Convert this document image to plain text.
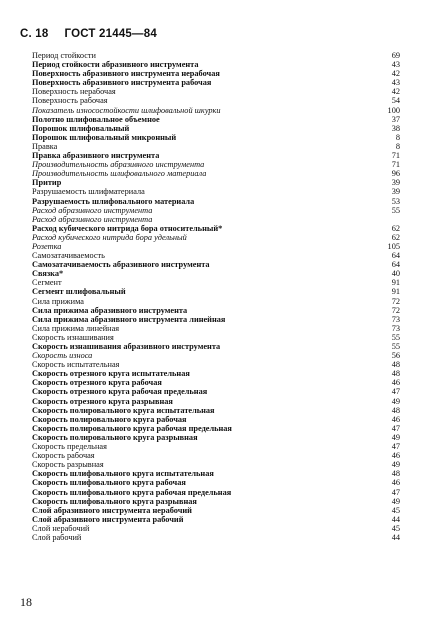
С. 18 ГОСТ 21445—84
Период стойкости	69
Период стойкости абразивного инструмента	43
Поверхность абразивного инструмента нерабочая	42
Поверхность абразивного инструмента рабочая	43
Поверхность нерабочая	42
Поверхность рабочая	54
Показатель износостойкости шлифовальной шкурки	100
Полотно шлифовальное объемное	37
Порошок шлифовальный	38
Порошок шлифовальный микронный	8
Правка	8
Правка абразивного инструмента	71
Производительность абразивного инструмента	71
Производительность шлифовального материала	96
Притир	39
Разрушаемость шлифматериала	39
Разрушаемость шлифовального материала	53
Расход абразивного инструмента	55
Расход абразивного инструмента
Расход кубического нитрида бора относительный*	62
Расход кубического нитрида бора удельный	62
Розетка	105
Самозатачиваемость	64
Самозатачиваемость абразивного инструмента	64
Связка*	40
Сегмент	91
Сегмент шлифовальный	91
Сила прижима	72
Сила прижима абразивного инструмента	72
Сила прижима абразивного инструмента линейная	73
Сила прижима линейная	73
Скорость изнашивания	55
Скорость изнашивания абразивного инструмента	55
Скорость износа	56
Скорость испытательная	48
Скорость отрезного круга испытательная	48
Скорость отрезного круга рабочая	46
Скорость отрезного круга рабочая предельная	47
Скорость отрезного круга разрывная	49
Скорость полировального круга испытательная	48
Скорость полировального круга рабочая	46
Скорость полировального круга рабочая предельная	47
Скорость полировального круга разрывная	49
Скорость предельная	47
Скорость рабочая	46
Скорость разрывная	49
Скорость шлифовального круга испытательная	48
Скорость шлифовального круга рабочая	46
Скорость шлифовального круга рабочая предельная	47
Скорость шлифовального круга разрывная	49
Слой абразивного инструмента нерабочий	45
Слой абразивного инструмента рабочий	44
Слой нерабочий	45
Слой рабочий	44
18
